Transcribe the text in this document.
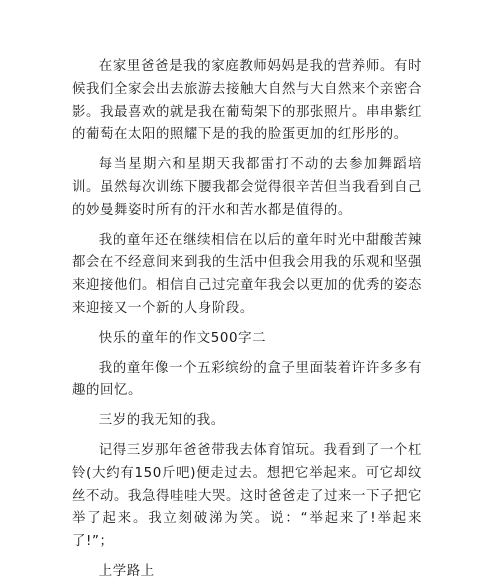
在家里爸爸是我的家庭教师妈妈是我的营养师。有时候我们全家会出去旅游去接触大自然与大自然来个亲密合影。我最喜欢的就是我在葡萄架下的那张照片。串串紫红的葡萄在太阳的照耀下是的我的脸蛋更加的红彤彤的。

每当星期六和星期天我都雷打不动的去参加舞蹈培训。虽然每次训练下腰我都会觉得很辛苦但当我看到自己的妙曼舞姿时所有的汗水和苦水都是值得的。

我的童年还在继续相信在以后的童年时光中甜酸苦辣都会在不经意间来到我的生活中但我会用我的乐观和坚强来迎接他们。相信自己过完童年我会以更加的优秀的姿态来迎接又一个新的人身阶段。

快乐的童年的作文500字二

我的童年像一个五彩缤纷的盒子里面装着许许多多有趣的回忆。

三岁的我无知的我。

记得三岁那年爸爸带我去体育馆玩。我看到了一个杠铃(大约有150斤吧)便走过去。想把它举起来。可它却纹丝不动。我急得哇哇大哭。这时爸爸走了过来一下子把它举了起来。我立刻破涕为笑。说：“举起来了!举起来了!”；

上学路上
